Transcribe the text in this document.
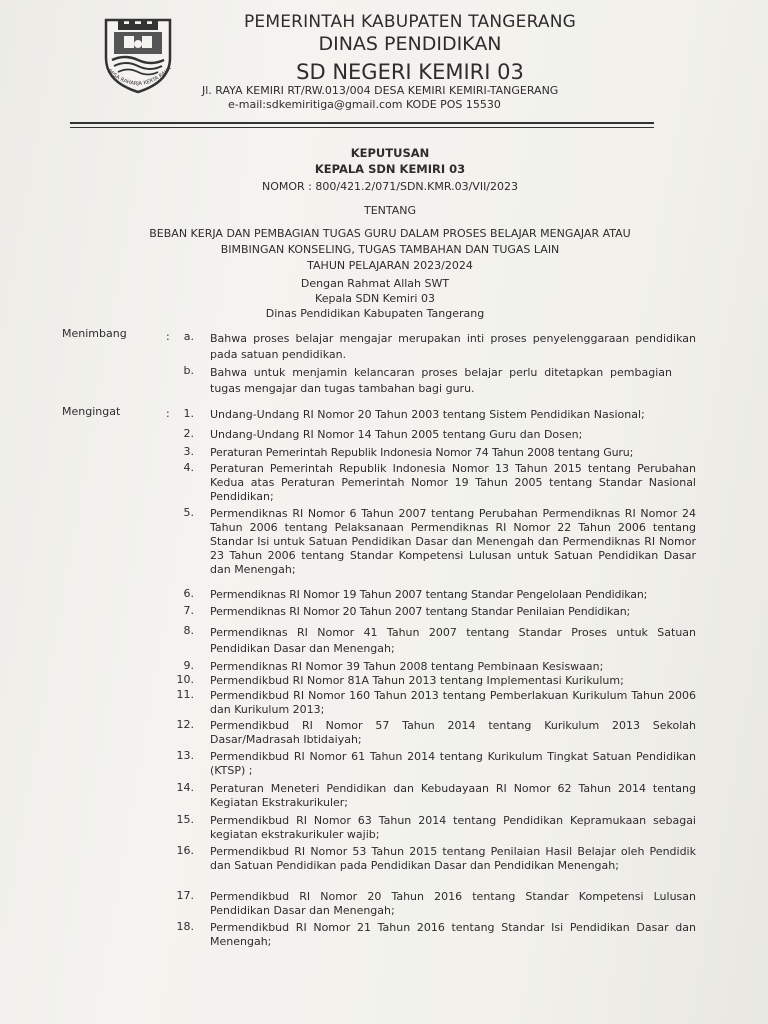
BESA RAHARJA KERTA RAHA
PEMERINTAH KABUPATEN TANGERANG
DINAS PENDIDIKAN
SD NEGERI KEMIRI 03
Jl. RAYA KEMIRI RT/RW.013/004 DESA KEMIRI KEMIRI-TANGERANG
e-mail:sdkemiritiga@gmail.com KODE POS 15530
KEPUTUSAN
KEPALA SDN KEMIRI 03
NOMOR : 800/421.2/071/SDN.KMR.03/VII/2023
TENTANG
BEBAN KERJA DAN PEMBAGIAN TUGAS GURU DALAM PROSES BELAJAR MENGAJAR ATAU
BIMBINGAN KONSELING, TUGAS TAMBAHAN DAN TUGAS LAIN
TAHUN PELAJARAN 2023/2024
Dengan Rahmat Allah SWT
Kepala SDN Kemiri 03
Dinas Pendidikan Kabupaten Tangerang
Menimbang	:	a. Bahwa proses belajar mengajar merupakan inti proses penyelenggaraan pendidikan pada satuan pendidikan.

b. Bahwa untuk menjamin kelancaran proses belajar perlu ditetapkan pembagian tugas mengajar dan tugas tambahan bagi guru.

Mengingat	:	1. Undang-Undang RI Nomor 20 Tahun 2003 tentang Sistem Pendidikan Nasional;

2. Undang-Undang RI Nomor 14 Tahun 2005 tentang Guru dan Dosen;

3. Peraturan Pemerintah Republik Indonesia Nomor 74 Tahun 2008 tentang Guru;

4. Peraturan Pemerintah Republik Indonesia Nomor 13 Tahun 2015 tentang Perubahan Kedua atas Peraturan Pemerintah Nomor 19 Tahun 2005 tentang Standar Nasional Pendidikan;

5. Permendiknas RI Nomor 6 Tahun 2007 tentang Perubahan Permendiknas RI Nomor 24 Tahun 2006 tentang Pelaksanaan Permendiknas RI Nomor 22 Tahun 2006 tentang Standar Isi untuk Satuan Pendidikan Dasar dan Menengah dan Permendiknas RI Nomor 23 Tahun 2006 tentang Standar Kompetensi Lulusan untuk Satuan Pendidikan Dasar dan Menengah;

6. Permendiknas RI Nomor 19 Tahun 2007 tentang Standar Pengelolaan Pendidikan;

7. Permendiknas RI Nomor 20 Tahun 2007 tentang Standar Penilaian Pendidikan;

8. Permendiknas RI Nomor 41 Tahun 2007 tentang Standar Proses untuk Satuan Pendidikan Dasar dan Menengah;

9. Permendiknas RI Nomor 39 Tahun 2008 tentang Pembinaan Kesiswaan;

10. Permendikbud RI Nomor 81A Tahun 2013 tentang Implementasi Kurikulum;

11. Permendikbud RI Nomor 160 Tahun 2013 tentang Pemberlakuan Kurikulum Tahun 2006 dan Kurikulum 2013;

12. Permendikbud RI Nomor 57 Tahun 2014 tentang Kurikulum 2013 Sekolah Dasar/Madrasah Ibtidaiyah;

13. Permendikbud RI Nomor 61 Tahun 2014 tentang Kurikulum Tingkat Satuan Pendidikan (KTSP) ;

14. Peraturan Meneteri Pendidikan dan Kebudayaan RI Nomor 62 Tahun 2014 tentang Kegiatan Ekstrakurikuler;

15. Permendikbud RI Nomor 63 Tahun 2014 tentang Pendidikan Kepramukaan sebagai kegiatan ekstrakurikuler wajib;

16. Permendikbud RI Nomor 53 Tahun 2015 tentang Penilaian Hasil Belajar oleh Pendidik dan Satuan Pendidikan pada Pendidikan Dasar dan Pendidikan Menengah;

17. Permendikbud RI Nomor 20 Tahun 2016 tentang Standar Kompetensi Lulusan Pendidikan Dasar dan Menengah;

18. Permendikbud RI Nomor 21 Tahun 2016 tentang Standar Isi Pendidikan Dasar dan Menengah;
